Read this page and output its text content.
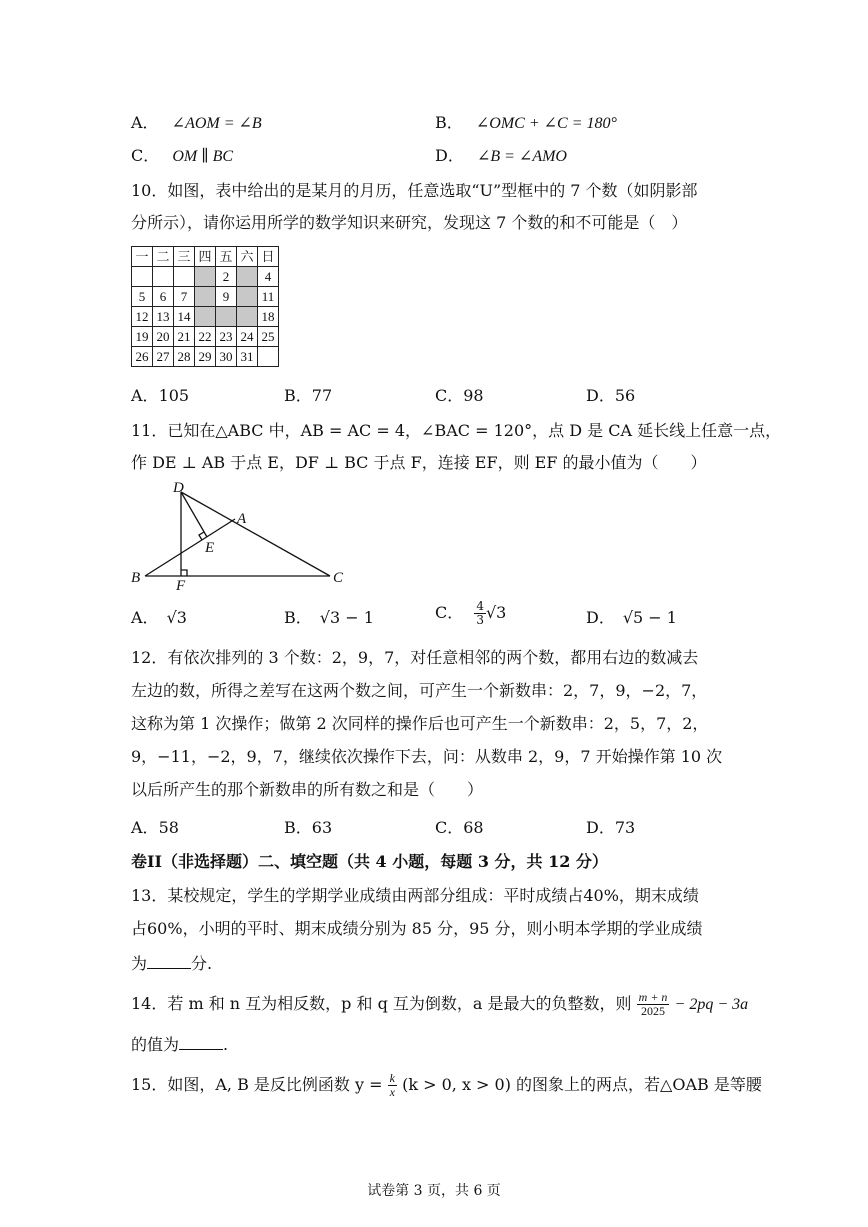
A． ∠AOM = ∠B	B． ∠OMC + ∠C = 180°
C． OM ∥ BC	D． ∠B = ∠AMO
10．如图，表中给出的是某月的月历，任意选取“U”型框中的 7 个数（如阴影部
分所示），请你运用所学的数学知识来研究，发现这 7 个数的和不可能是（　）
一	二	三	四	五	六	日
				2		4
5	6	7		9		11
12	13	14				18
19	20	21	22	23	24	25
26	27	28	29	30	31	
A．105	B．77	C．98	D．56
11．已知在△ABC 中，AB = AC = 4，∠BAC = 120°，点 D 是 CA 延长线上任意一点，
作 DE ⊥ AB 于点 E，DF ⊥ BC 于点 F，连接 EF，则 EF 的最小值为（　　）
D
A
E
B F	C
A． √3	B． √3 − 1	C． $\frac{4}{3} √3$	D． √5 − 1
12．有依次排列的 3 个数：2，9，7，对任意相邻的两个数，都用右边的数减去
左边的数，所得之差写在这两个数之间，可产生一个新数串：2，7，9，−2，7，
这称为第 1 次操作；做第 2 次同样的操作后也可产生一个新数串：2，5，7，2，
9，−11，−2，9，7，继续依次操作下去，问：从数串 2，9，7 开始操作第 10 次
以后所产生的那个新数串的所有数之和是（　　）
A．58	B．63	C．68	D．73
卷II（非选择题）二、填空题（共 4 小题，每题 3 分，共 12 分）
13．某校规定，学生的学期学业成绩由两部分组成：平时成绩占40%，期末成绩
占60%，小明的平时、期末成绩分别为 85 分，95 分，则小明本学期的学业成绩
为	分.
14．若 m 和 n 互为相反数，p 和 q 互为倒数，a 是最大的负整数，则 $\frac{m + n}{2025} - 2pq - 3a$
的值为	.
15．如图，A, B 是反比例函数 $y = \frac{k}{x} (k > 0$, x > 0) 的图象上的两点，若△OAB 是等腰
试卷第 3 页，共 6 页
